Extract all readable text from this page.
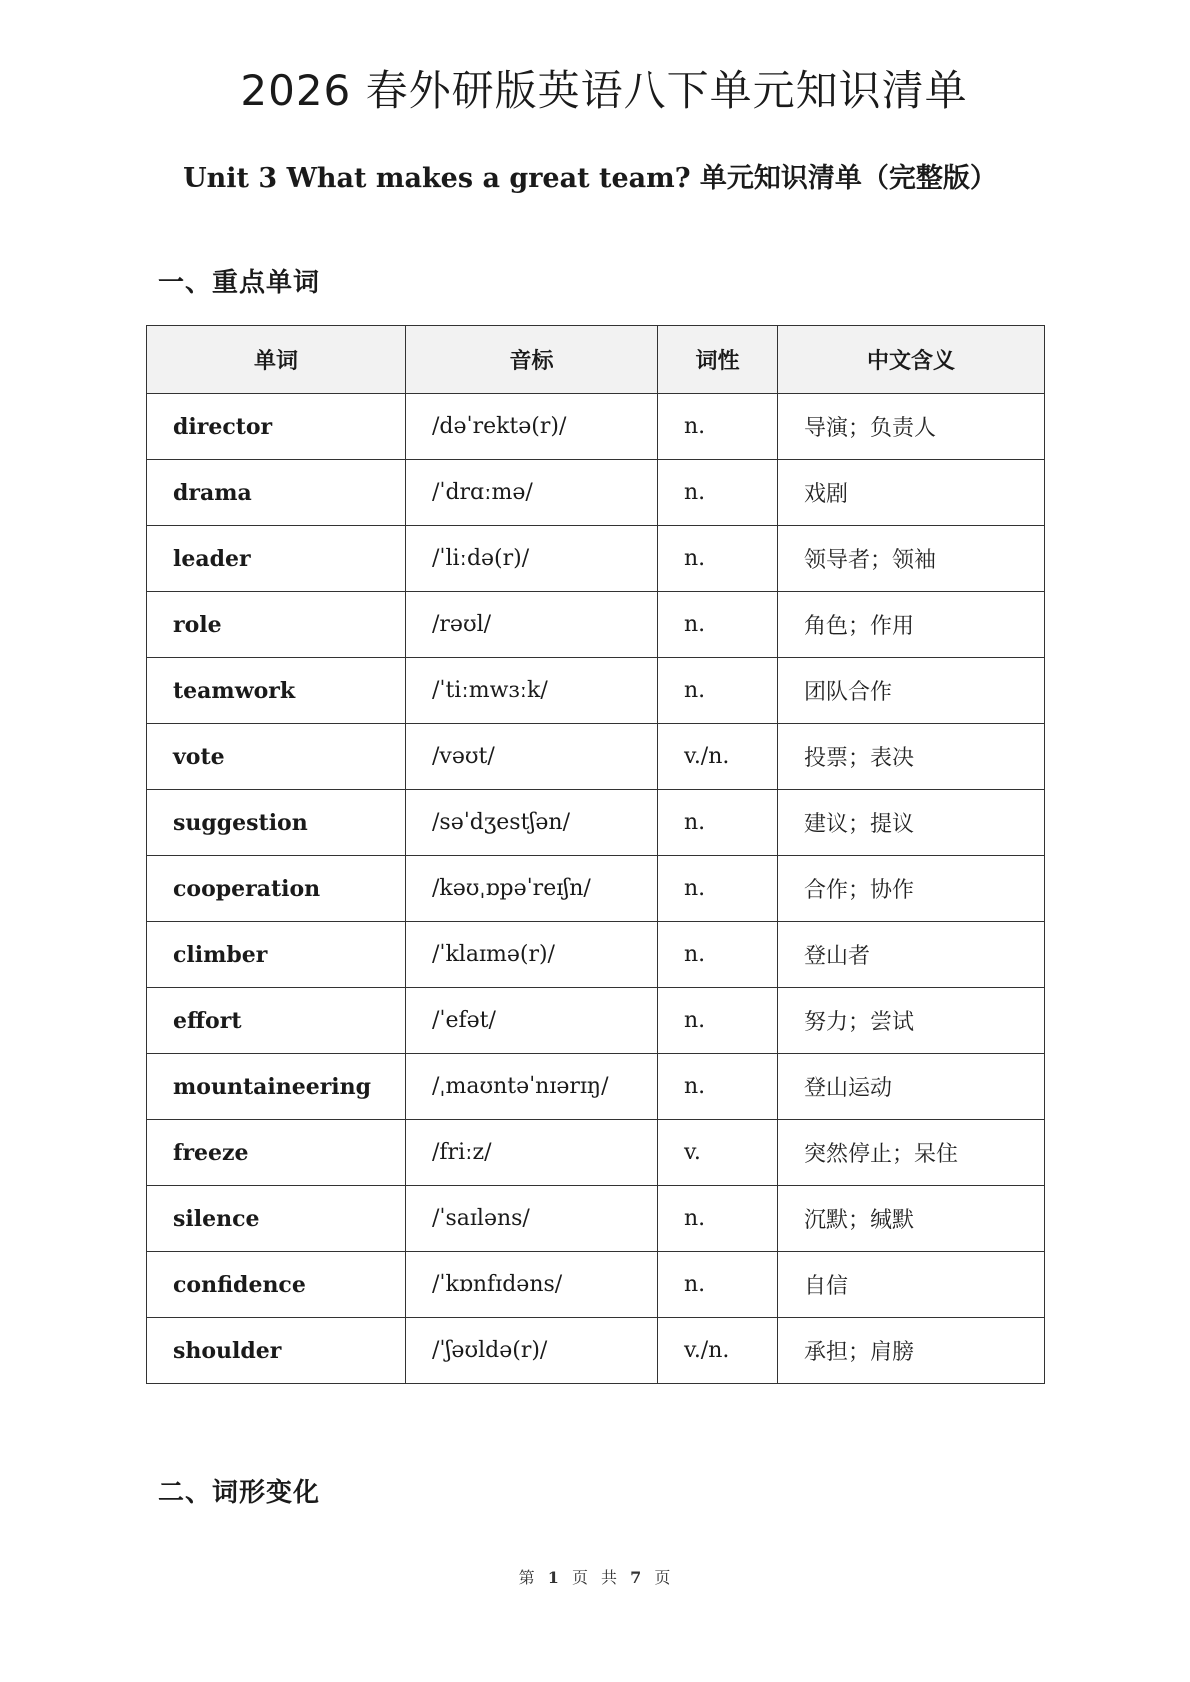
2026 春外研版英语八下单元知识清单
Unit 3 What makes a great team? 单元知识清单（完整版）
一、重点单词
单词	音标	词性	中文含义
director	/dəˈrektə(r)/	n.	导演；负责人
drama	/ˈdrɑːmə/	n.	戏剧
leader	/ˈliːdə(r)/	n.	领导者；领袖
role	/rəʊl/	n.	角色；作用
teamwork	/ˈtiːmwɜːk/	n.	团队合作
vote	/vəʊt/	v./n.	投票；表决
suggestion	/səˈdʒestʃən/	n.	建议；提议
cooperation	/kəʊˌɒpəˈreɪʃn/	n.	合作；协作
climber	/ˈklaɪmə(r)/	n.	登山者
effort	/ˈefət/	n.	努力；尝试
mountaineering	/ˌmaʊntəˈnɪərɪŋ/	n.	登山运动
freeze	/friːz/	v.	突然停止；呆住
silence	/ˈsaɪləns/	n.	沉默；缄默
confidence	/ˈkɒnfɪdəns/	n.	自信
shoulder	/ˈʃəʊldə(r)/	v./n.	承担；肩膀
二、词形变化
第 1 页 共 7 页
